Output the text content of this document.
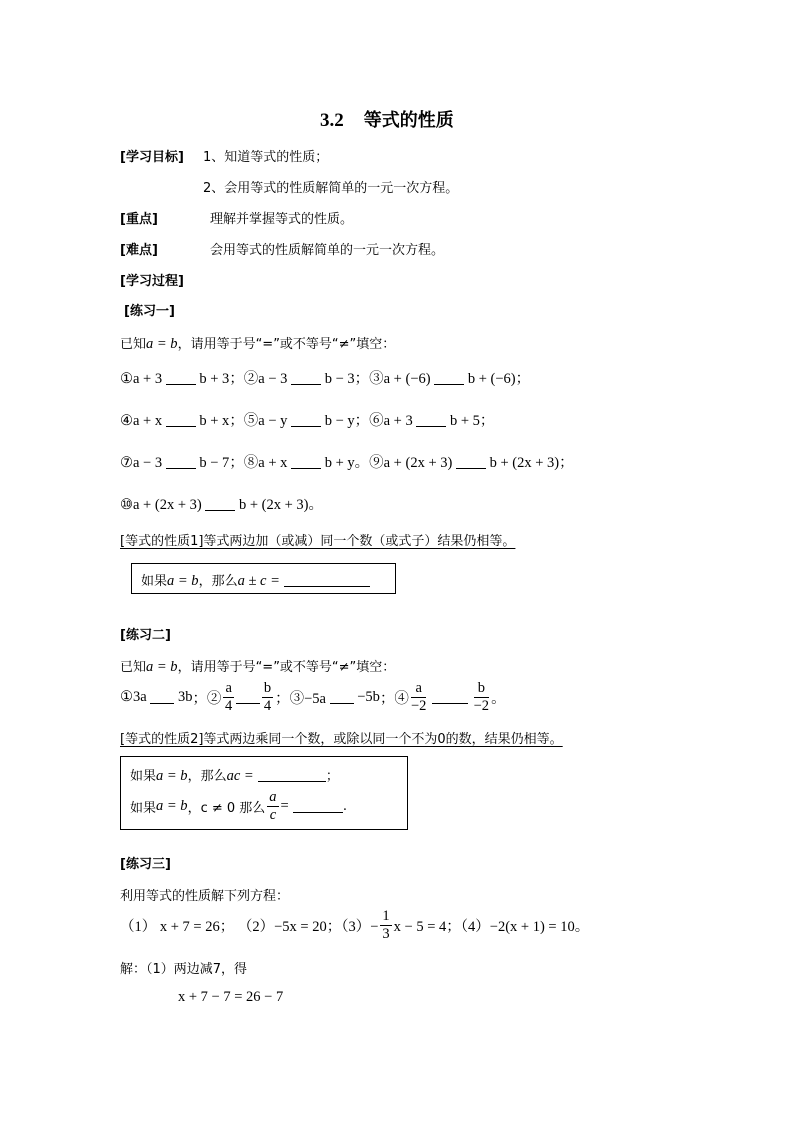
3.2 等式的性质
[学习目标] 1、知道等式的性质；
2、会用等式的性质解简单的一元一次方程。
[重点]	理解并掌握等式的性质。
[难点]	会用等式的性质解简单的一元一次方程。
[学习过程]
[练习一]
已知a = b，请用等于号“=”或不等号“≠”填空：
①a + 3	b + 3；②a − 3	b − 3；③a + (−6)	b + (−6)；
④a + x	b + x；⑤a − y	b − y；⑥a + 3	b + 5；
⑦a − 3	b − 7；⑧a + x	b + y。⑨a + (2x + 3)	b + (2x + 3)；
⑩a + (2x + 3)	b + (2x + 3)。
[等式的性质1]等式两边加（或减）同一个数（或式子）结果仍相等。
如果a = b，那么a ± c =
[练习二]
已知a = b，请用等于号“=”或不等号“≠”填空：
①3a 3b；② $\frac{a}{4} \frac{b}{4}$ ；③−5a −5b；④ $\frac{a}{-2}$
	$\frac{b}{-2}$ 。
[等式的性质2]等式两边乘同一个数，或除以同一个不为0的数，结果仍相等。
如果a = b，那么ac =	；
如果a = b，c ≠ 0 那么 $\frac{a}{c}$ =	.
[练习三]
利用等式的性质解下列方程：
（1） x + 7 = 26； （2）−5x = 20；$(3)- \frac{1}{3}$ x − 5 = 4；（4）−2(x + 1) = 10。
解：（1）两边减7，得
x + 7 − 7 = 26 − 7
